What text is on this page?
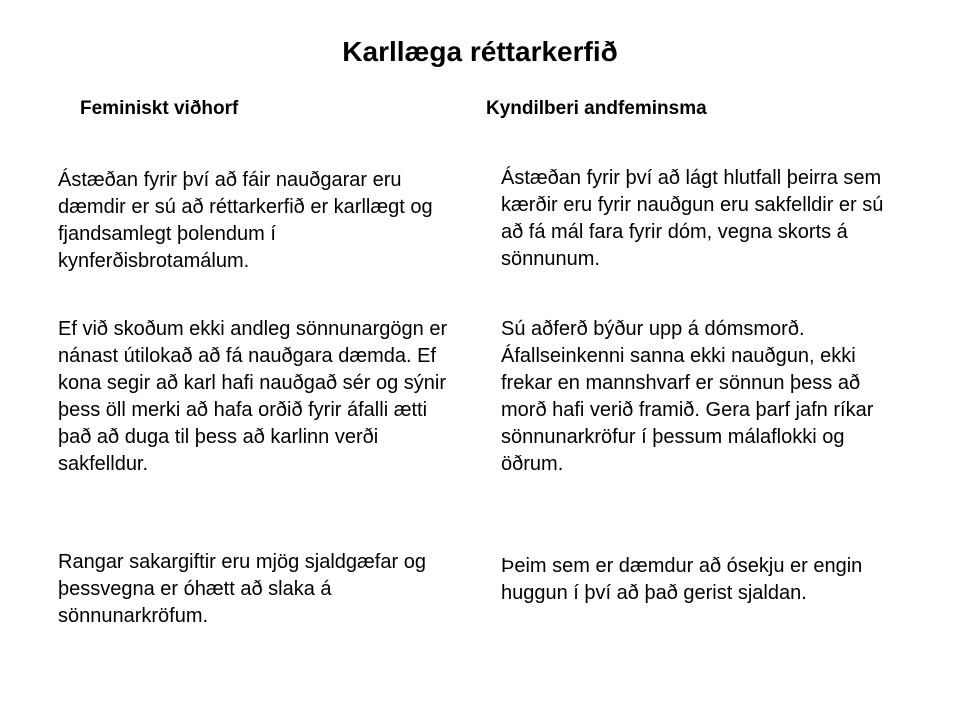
Karllæga réttarkerfið
Feminiskt viðhorf	Kyndilberi andfeminsma

Ástæðan fyrir því að fáir nauðgarar eru dæmdir er sú að réttarkerfið er karllægt og fjandsamlegt þolendum í kynferðisbrotamálum.

Ef við skoðum ekki andleg sönnunargögn er nánast útilokað að fá nauðgara dæmda. Ef kona segir að karl hafi nauðgað sér og sýnir þess öll merki að hafa orðið fyrir áfalli ætti það að duga til þess að karlinn verði sakfelldur.

Rangar sakargiftir eru mjög sjaldgæfar og þessvegna er óhætt að slaka á sönnunarkröfum.

Ástæðan fyrir því að lágt hlutfall þeirra sem kærðir eru fyrir nauðgun eru sakfelldir er sú að fá mál fara fyrir dóm, vegna skorts á sönnunum.

Sú aðferð býður upp á dómsmorð. Áfallseinkenni sanna ekki nauðgun, ekki frekar en mannshvarf er sönnun þess að morð hafi verið framið. Gera þarf jafn ríkar sönnunarkröfur í þessum málaflokki og öðrum.

Þeim sem er dæmdur að ósekju er engin huggun í því að það gerist sjaldan.
